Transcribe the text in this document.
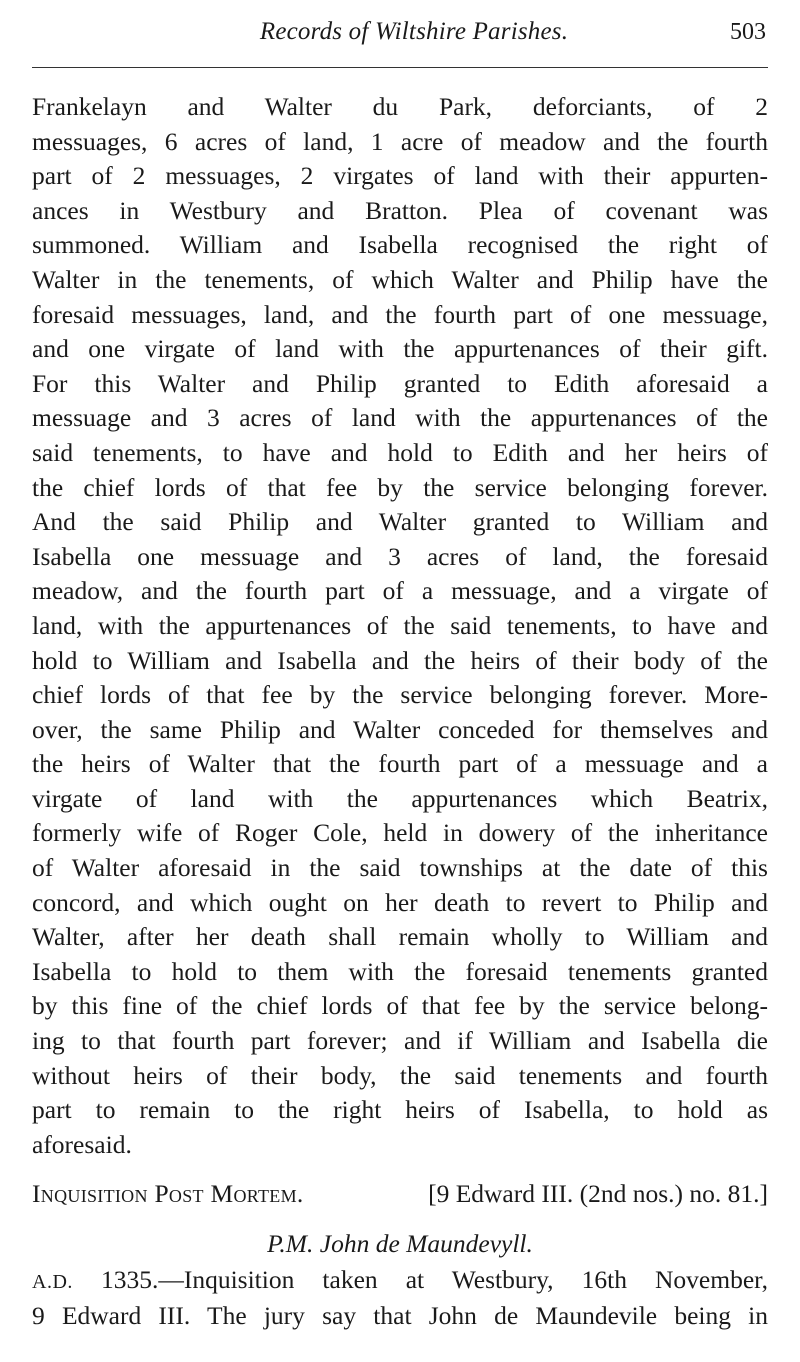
Records of Wiltshire Parishes.	503
Frankelayn and Walter du Park, deforciants, of 2
messuages, 6 acres of land, 1 acre of meadow and the fourth
part of 2 messuages, 2 virgates of land with their appurten-
ances in Westbury and Bratton. Plea of covenant was
summoned. William and Isabella recognised the right of
Walter in the tenements, of which Walter and Philip have the
foresaid messuages, land, and the fourth part of one messuage,
and one virgate of land with the appurtenances of their gift.
For this Walter and Philip granted to Edith aforesaid a
messuage and 3 acres of land with the appurtenances of the
said tenements, to have and hold to Edith and her heirs of
the chief lords of that fee by the service belonging forever.
And the said Philip and Walter granted to William and
Isabella one messuage and 3 acres of land, the foresaid
meadow, and the fourth part of a messuage, and a virgate of
land, with the appurtenances of the said tenements, to have and
hold to William and Isabella and the heirs of their body of the
chief lords of that fee by the service belonging forever. More-
over, the same Philip and Walter conceded for themselves and
the heirs of Walter that the fourth part of a messuage and a
virgate of land with the appurtenances which Beatrix,
formerly wife of Roger Cole, held in dowery of the inheritance
of Walter aforesaid in the said townships at the date of this
concord, and which ought on her death to revert to Philip and
Walter, after her death shall remain wholly to William and
Isabella to hold to them with the foresaid tenements granted
by this fine of the chief lords of that fee by the service belong-
ing to that fourth part forever; and if William and Isabella die
without heirs of their body, the said tenements and fourth
part to remain to the right heirs of Isabella, to hold as
aforesaid.
Inquisition Post Mortem.	[9 Edward III. (2nd nos.) no. 81.]
P.M. John de Maundevyll.
A.D. 1335.—Inquisition taken at Westbury, 16th November,
9 Edward III. The jury say that John de Maundevile being in
